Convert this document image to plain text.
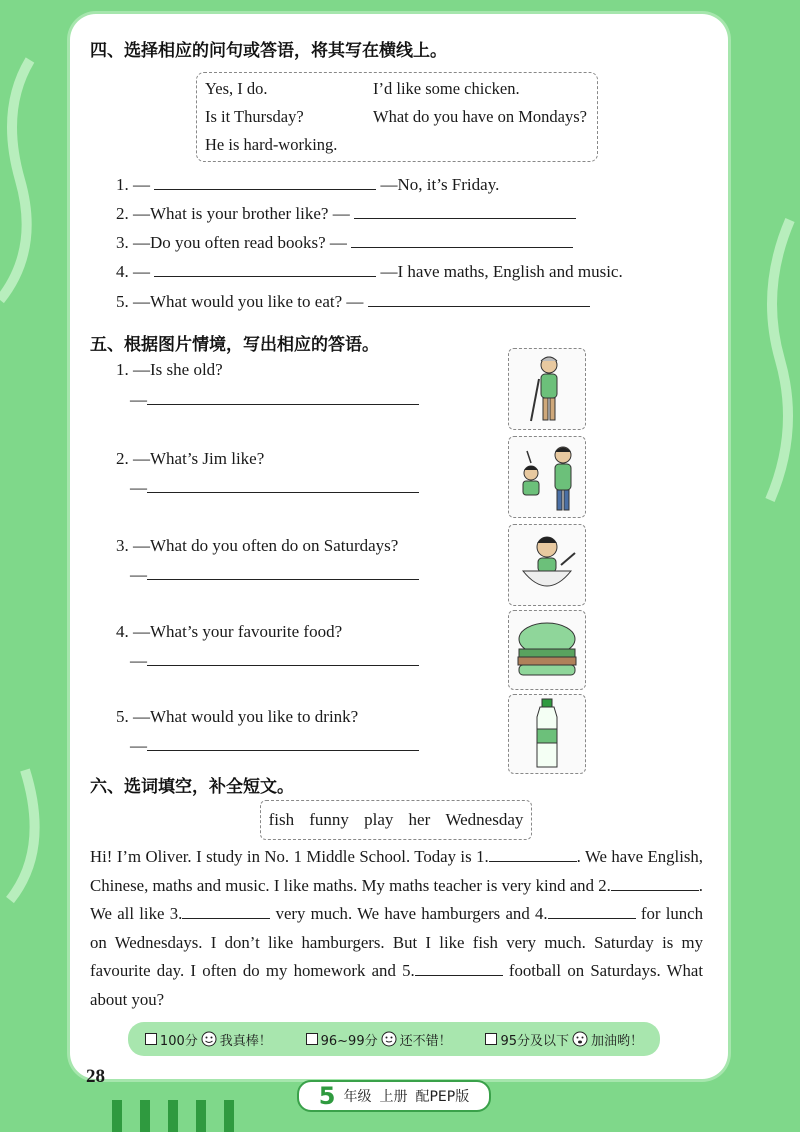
四、选择相应的问句或答语，将其写在横线上。
Yes, I do.	I’d like some chicken.
Is it Thursday?	What do you have on Mondays?
He is hard-working.
1. —	—No, it’s Friday.
2. —What is your brother like? —
3. —Do you often read books? —
4. —	—I have maths, English and music.
5. —What would you like to eat? —
五、根据图片情境，写出相应的答语。
1. —Is she old?
—
2. —What’s Jim like?
—
3. —What do you often do on Saturdays?
—
4. —What’s your favourite food?
—
5. —What would you like to drink?
—
六、选词填空，补全短文。
fish funny play her Wednesday
Hi! I’m Oliver. I study in No. 1 Middle School. Today is 1.	. We have English, Chinese, maths and music. I like maths. My maths teacher is very kind and 2.	. We all like 3.	very much. We have hamburgers and 4.	for lunch on Wednesdays. I don’t like hamburgers. But I like fish very much. Saturday is my favourite day. I often do my homework and 5.	football on Saturdays. What about you?
100分 我真棒！	96~99分 还不错！	95分及以下 加油哟！
28
5 年级 上册 配PEP版
